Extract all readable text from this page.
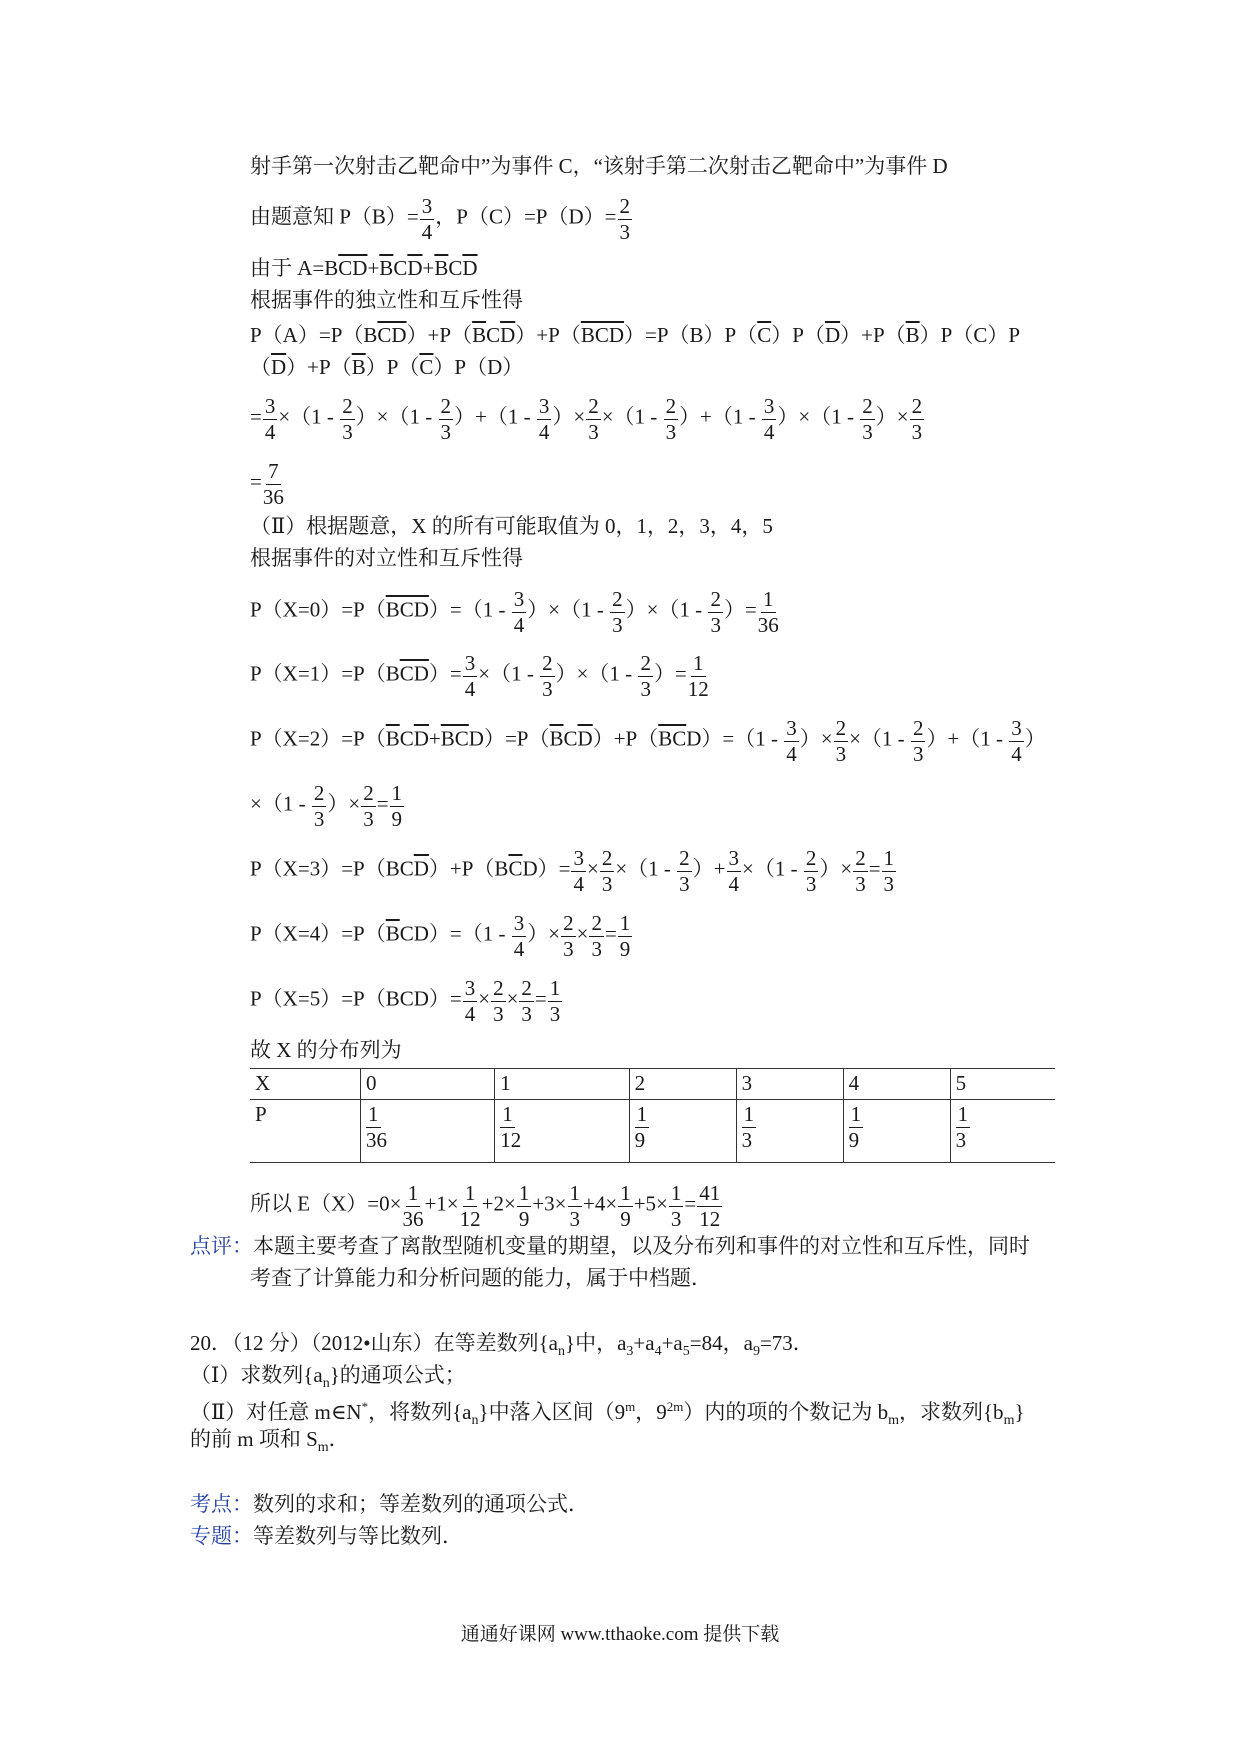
射手第一次射击乙靶命中”为事件 C，“该射手第二次射击乙靶命中”为事件 D
由题意知 $P(B)= \frac{3}{4}$ ，$P(C)=P(D)= \frac{2}{3}$
由于 $A=B\overline{CD}+\overline{B}C\overline{D}+\overline{B}C\overline{D}$
根据事件的独立性和互斥性得
$P(A)=P(B\overline{CD})+P(\overline{B}C\overline{D})+P(\overline{BCD})=P(B)P(\overline{C})P(\overline{D})+P(\overline{B})P(C)P$
$(\overline{D})+P(\overline{B})P(\overline{C})P(D)$
= $\frac{3}{4} \times(1 - \frac{2}{3} )\times(1 - \frac{2}{3} )+(1 - \frac{3}{4}$ ）× $\frac{2}{3} \times(1 - \frac{2}{3} )+(1 - \frac{3}{4} )\times(1 - \frac{2}{3}$ ）× $\frac{2}{3}$
= $\frac{7}{36}$
（Ⅱ）根据题意，X 的所有可能取值为 0，1，2，3，4，5
根据事件的对立性和互斥性得
$P(X=0)=P(\overline{BCD})=(1 - \frac{3}{4} )\times(1 - \frac{2}{3} )\times(1 - \frac{2}{3}$ ）= $\frac{1}{36}$
$P(X=1)=P(B\overline{CD})= \frac{3}{4} \times(1 - \frac{2}{3} )\times(1 - \frac{2}{3}$ ）= $\frac{1}{12}$
$P(X=2)=P(\overline{B}C\overline{D}+\overline{BC}D)=P(\overline{B}C\overline{D})+P(\overline{BC}D)=(1 - \frac{3}{4}$ ）× $\frac{2}{3} \times(1 - \frac{2}{3} )+(1 - \frac{3}{4}$ ）
$\times(1 - \frac{2}{3}$ ）× $\frac{2}{3} = \frac{1}{9}$
$P(X=3)=P(BC\overline{D})+P(B\overline{C}D)= \frac{3}{4} \times \frac{2}{3} \times(1 - \frac{2}{3}$ ）+ $\frac{3}{4} \times(1 - \frac{2}{3}$ ）× $\frac{2}{3} = \frac{1}{3}$
$P(X=4)=P(\overline{B}CD)=(1 - \frac{3}{4}$ ）× $\frac{2}{3} \times \frac{2}{3} = \frac{1}{9}$
$P(X=5)=P(BCD)= \frac{3}{4} \times \frac{2}{3} \times \frac{2}{3} = \frac{1}{3}$
故 X 的分布列为
X	0	1	2	3	4	5
P	$\frac{1}{36}$	$\frac{1}{12}$	$\frac{1}{9}$	$\frac{1}{3}$	$\frac{1}{9}$	$\frac{1}{3}$
所以 $E(X)=0\times \frac{1}{36} +1\times \frac{1}{12} +2\times \frac{1}{9} +3\times \frac{1}{3} +4\times \frac{1}{9} +5\times \frac{1}{3} = \frac{41}{12}$
点评：本题主要考查了离散型随机变量的期望，以及分布列和事件的对立性和互斥性，同时
考查了计算能力和分析问题的能力，属于中档题．
20．（12 分）（2012•山东）在等差数列$\{a_n\}$中，$a_3+a_4+a_5=84$，$a_9=73$．
（Ⅰ）求数列$\{a_n\}$的通项公式；
（Ⅱ）对任意 m∈N*，将数列$\{a_n\}$中落入区间（9$^m$，$9^{2m}$）内的项的个数记为 $b_m$，求数列$\{b_m\}$
的前 m 项和 $S_m$．
考点：数列的求和；等差数列的通项公式．
专题：等差数列与等比数列．
通通好课网 www.tthaoke.com 提供下载
